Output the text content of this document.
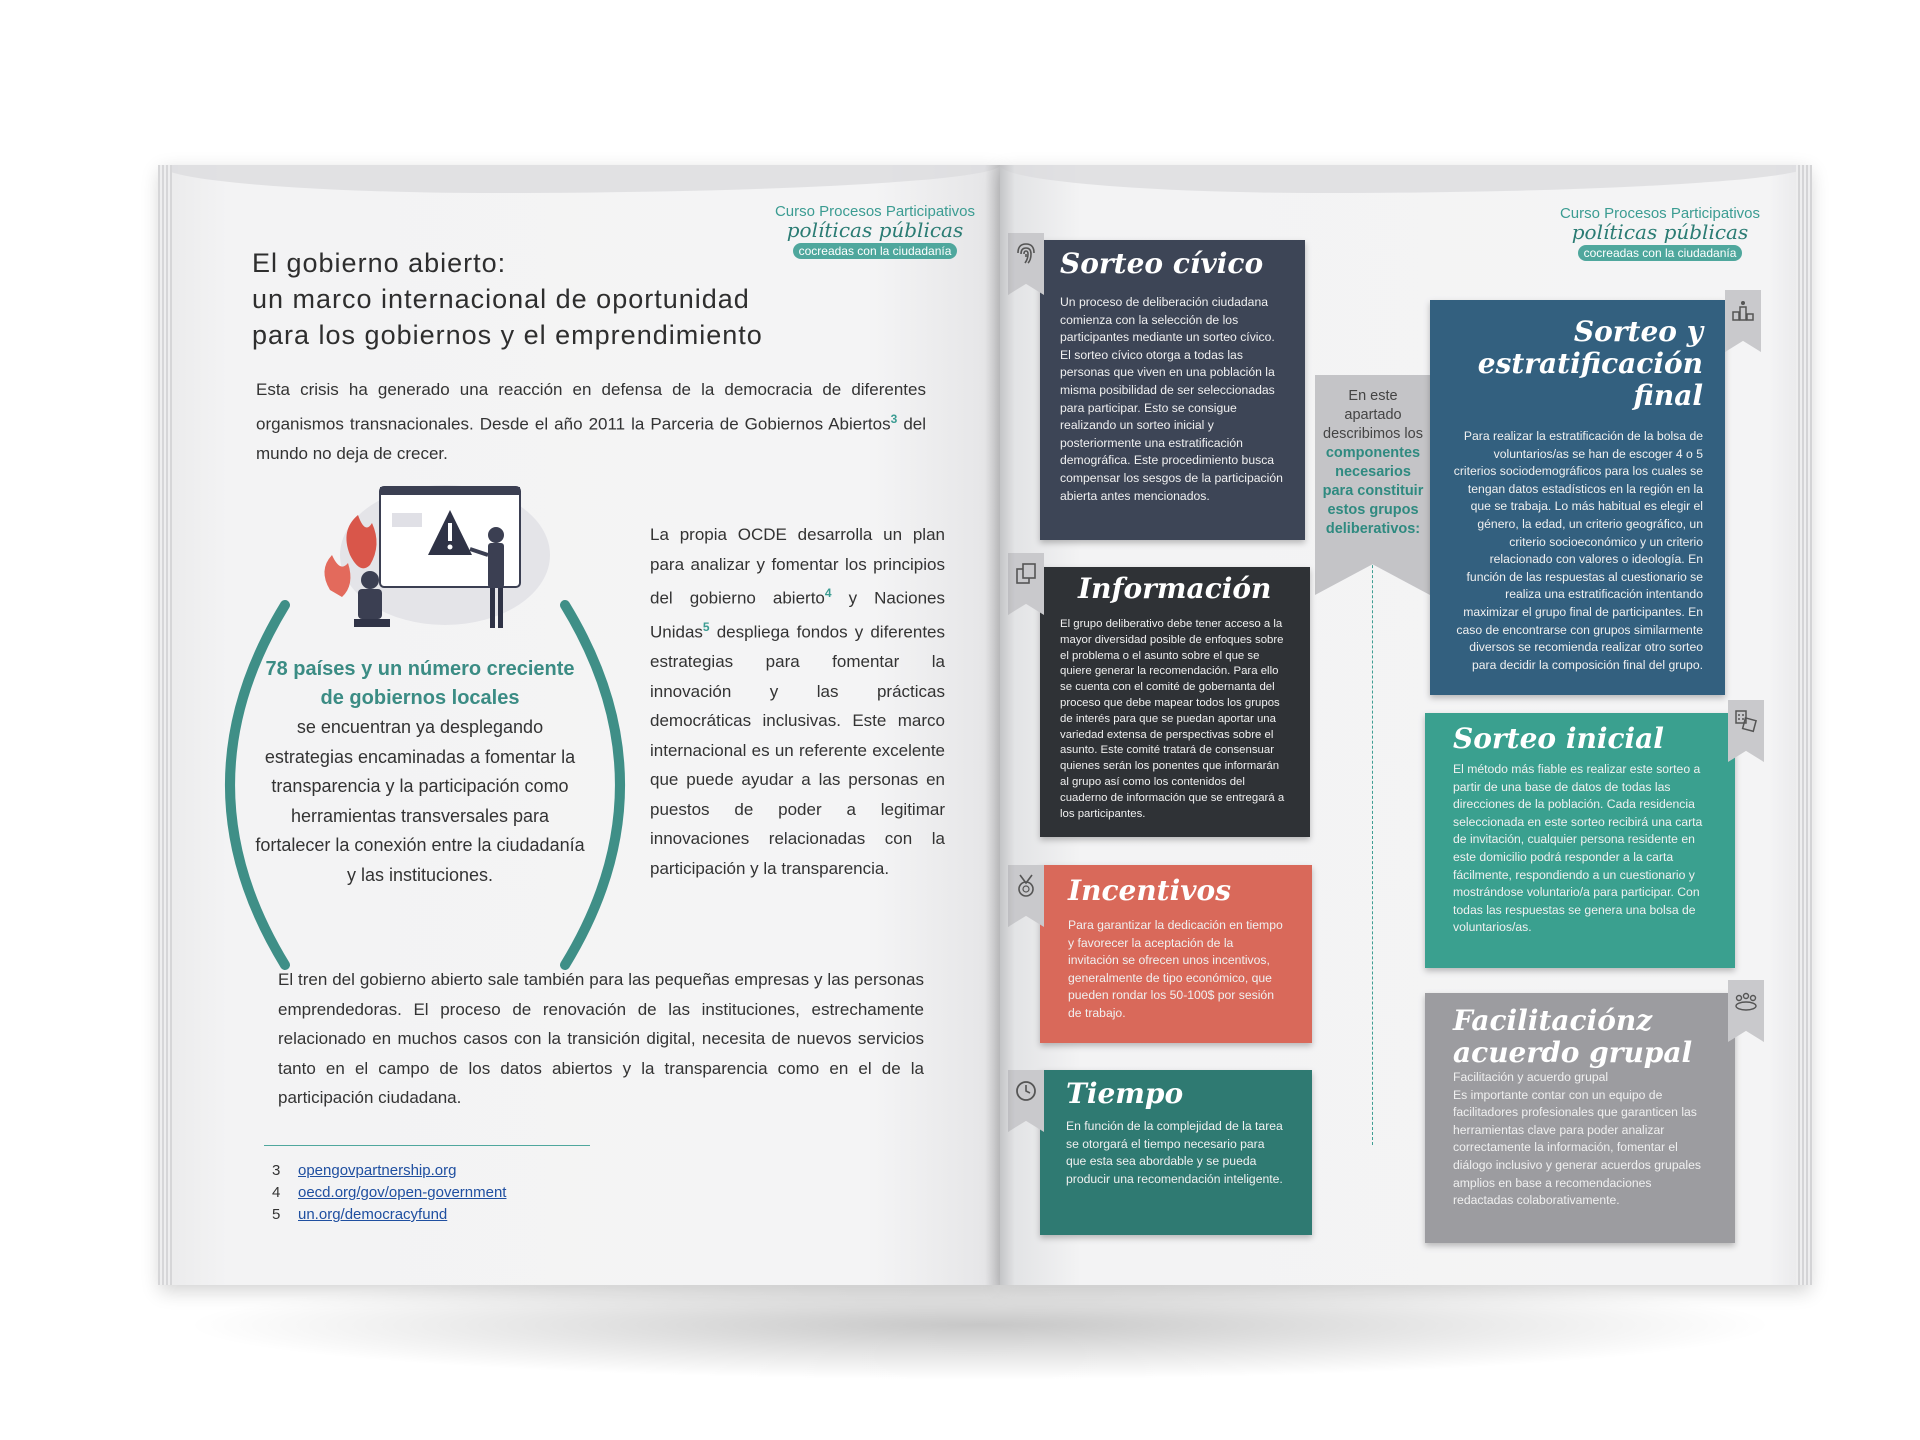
Curso Procesos Participativos
políticas públicas
cocreadas con la ciudadanía
El gobierno abierto:
un marco internacional de oportunidad
para los gobiernos y el emprendimiento
Esta crisis ha generado una reacción en defensa de la democracia de diferentes organismos transnacionales. Desde el año 2011 la Parceria de Gobiernos Abiertos$^3$ del mundo no deja de crecer.
78 países y un número creciente de gobiernos locales
se encuentran ya desplegando estrategias encaminadas a fomentar la transparencia y la participación como herramientas transversales para fortalecer la conexión entre la ciudadanía y las instituciones.
La propia OCDE desarrolla un plan para analizar y fomentar los principios del gobierno abierto$^4$ y Naciones Unidas$^5$ despliega fondos y diferentes estrategias para fomentar la innovación y las prácticas democráticas inclusivas. Este marco internacional es un referente excelente que puede ayudar a las personas en puestos de poder a legitimar innovaciones relacionadas con la participación y la transparencia.
El tren del gobierno abierto sale también para las pequeñas empresas y las personas emprendedoras. El proceso de renovación de las instituciones, estrechamente relacionado en muchos casos con la transición digital, necesita de nuevos servicios tanto en el campo de los datos abiertos y la transparencia como en el de la participación ciudadana.
3 opengovpartnership.org
4 oecd.org/gov/open-government
5 un.org/democracyfund
Curso Procesos Participativos
políticas públicas
cocreadas con la ciudadanía
En este apartado describimos los componentes necesarios para constituir estos grupos deliberativos:

Sorteo cívico

Un proceso de deliberación ciudadana comienza con la selección de los participantes mediante un sorteo cívico. El sorteo cívico otorga a todas las personas que viven en una población la misma posibilidad de ser seleccionadas para participar. Esto se consigue realizando un sorteo inicial y posteriormente una estratificación demográfica. Este procedimiento busca compensar los sesgos de la participación abierta antes mencionados.

Información

El grupo deliberativo debe tener acceso a la mayor diversidad posible de enfoques sobre el problema o el asunto sobre el que se quiere generar la recomendación. Para ello se cuenta con el comité de gobernanta del proceso que debe mapear todos los grupos de interés para que se puedan aportar una variedad extensa de perspectivas sobre el asunto. Este comité tratará de consensuar quienes serán los ponentes que informarán al grupo así como los contenidos del cuaderno de información que se entregará a los participantes.

Incentivos

Para garantizar la dedicación en tiempo y favorecer la aceptación de la invitación se ofrecen unos incentivos, generalmente de tipo económico, que pueden rondar los 50-100$ por sesión de trabajo.

Tiempo

En función de la complejidad de la tarea se otorgará el tiempo necesario para que esta sea abordable y se pueda producir una recomendación inteligente.

Sorteo y estratificación final

Para realizar la estratificación de la bolsa de voluntarios/as se han de escoger 4 o 5 criterios sociodemográficos para los cuales se tengan datos estadísticos en la región en la que se trabaja. Lo más habitual es elegir el género, la edad, un criterio geográfico, un criterio socioeconómico y un criterio relacionado con valores o ideología. En función de las respuestas al cuestionario se realiza una estratificación intentando maximizar el grupo final de participantes. En caso de encontrarse con grupos similarmente diversos se recomienda realizar otro sorteo para decidir la composición final del grupo.

Sorteo inicial

El método más fiable es realizar este sorteo a partir de una base de datos de todas las direcciones de la población. Cada residencia seleccionada en este sorteo recibirá una carta de invitación, cualquier persona residente en este domicilio podrá responder a la carta fácilmente, respondiendo a un cuestionario y mostrándose voluntario/a para participar. Con todas las respuestas se genera una bolsa de voluntarios/as.

Facilitaciónz acuerdo grupal

Facilitación y acuerdo grupal
Es importante contar con un equipo de facilitadores profesionales que garanticen las herramientas clave para poder analizar correctamente la información, fomentar el diálogo inclusivo y generar acuerdos grupales amplios en base a recomendaciones redactadas colaborativamente.
